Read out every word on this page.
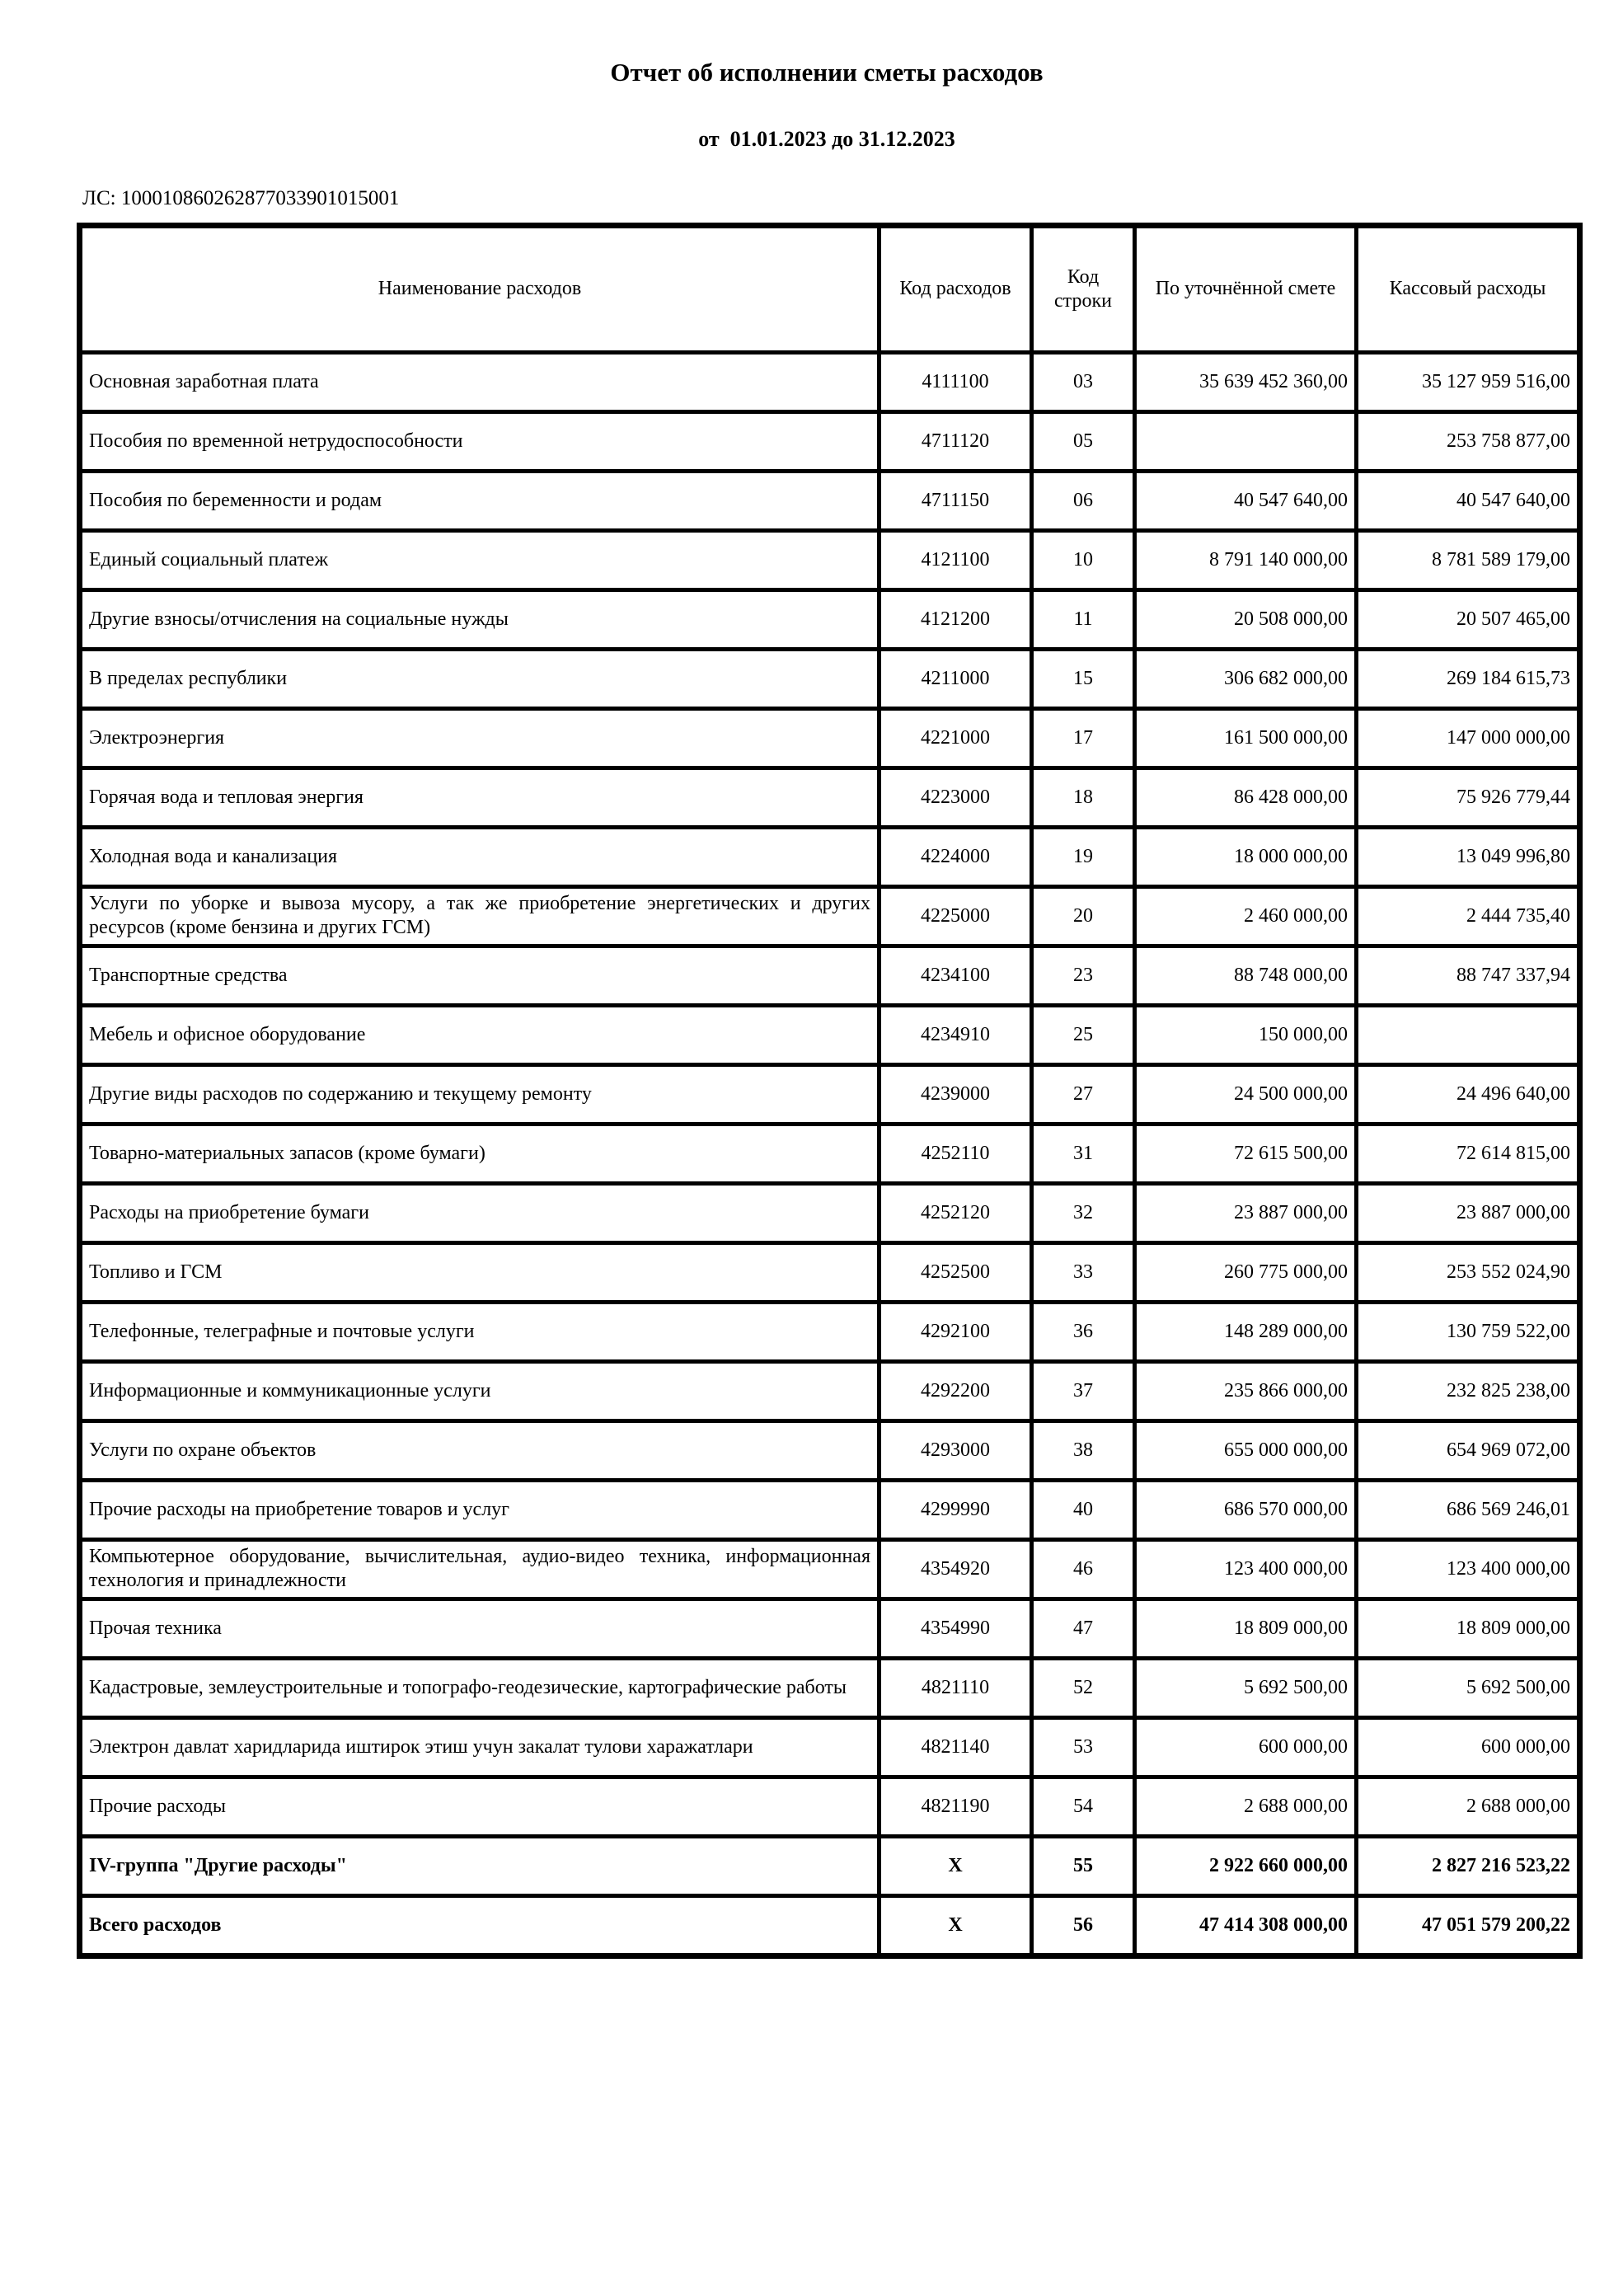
Отчет об исполнении сметы расходов
от  01.01.2023 до 31.12.2023
ЛС: 100010860262877033901015001
Наименование расходов	Код расходов	Код строки	По уточнённой смете	Кассовый расходы
Основная заработная плата	4111100	03	35 639 452 360,00	35 127 959 516,00
Пособия по временной нетрудоспособности	4711120	05		253 758 877,00
Пособия по беременности и родам	4711150	06	40 547 640,00	40 547 640,00
Единый социальный платеж	4121100	10	8 791 140 000,00	8 781 589 179,00
Другие взносы/отчисления на социальные нужды	4121200	11	20 508 000,00	20 507 465,00
В пределах республики	4211000	15	306 682 000,00	269 184 615,73
Электроэнергия	4221000	17	161 500 000,00	147 000 000,00
Горячая вода и тепловая энергия	4223000	18	86 428 000,00	75 926 779,44
Холодная вода и канализация	4224000	19	18 000 000,00	13 049 996,80
Услуги по уборке и вывоза мусору, а так же приобретение энергетических и других ресурсов (кроме бензина и других ГСМ)	4225000	20	2 460 000,00	2 444 735,40
Транспортные средства	4234100	23	88 748 000,00	88 747 337,94
Мебель и офисное оборудование	4234910	25	150 000,00	
Другие виды расходов по содержанию и текущему ремонту	4239000	27	24 500 000,00	24 496 640,00
Товарно-материальных запасов (кроме бумаги)	4252110	31	72 615 500,00	72 614 815,00
Расходы на приобретение бумаги	4252120	32	23 887 000,00	23 887 000,00
Топливо и ГСМ	4252500	33	260 775 000,00	253 552 024,90
Телефонные, телеграфные и почтовые услуги	4292100	36	148 289 000,00	130 759 522,00
Информационные и коммуникационные услуги	4292200	37	235 866 000,00	232 825 238,00
Услуги по охране объектов	4293000	38	655 000 000,00	654 969 072,00
Прочие расходы на приобретение товаров и услуг	4299990	40	686 570 000,00	686 569 246,01
Компьютерное оборудование, вычислительная, аудио-видео техника, информационная технология и принадлежности	4354920	46	123 400 000,00	123 400 000,00
Прочая техника	4354990	47	18 809 000,00	18 809 000,00
Кадастровые, землеустроительные и топографо-геодезические, картографические работы	4821110	52	5 692 500,00	5 692 500,00
Электрон давлат харидларида иштирок этиш учун закалат тулови харажатлари	4821140	53	600 000,00	600 000,00
Прочие расходы	4821190	54	2 688 000,00	2 688 000,00
IV-группа "Другие расходы"	X	55	2 922 660 000,00	2 827 216 523,22
Всего расходов	X	56	47 414 308 000,00	47 051 579 200,22
